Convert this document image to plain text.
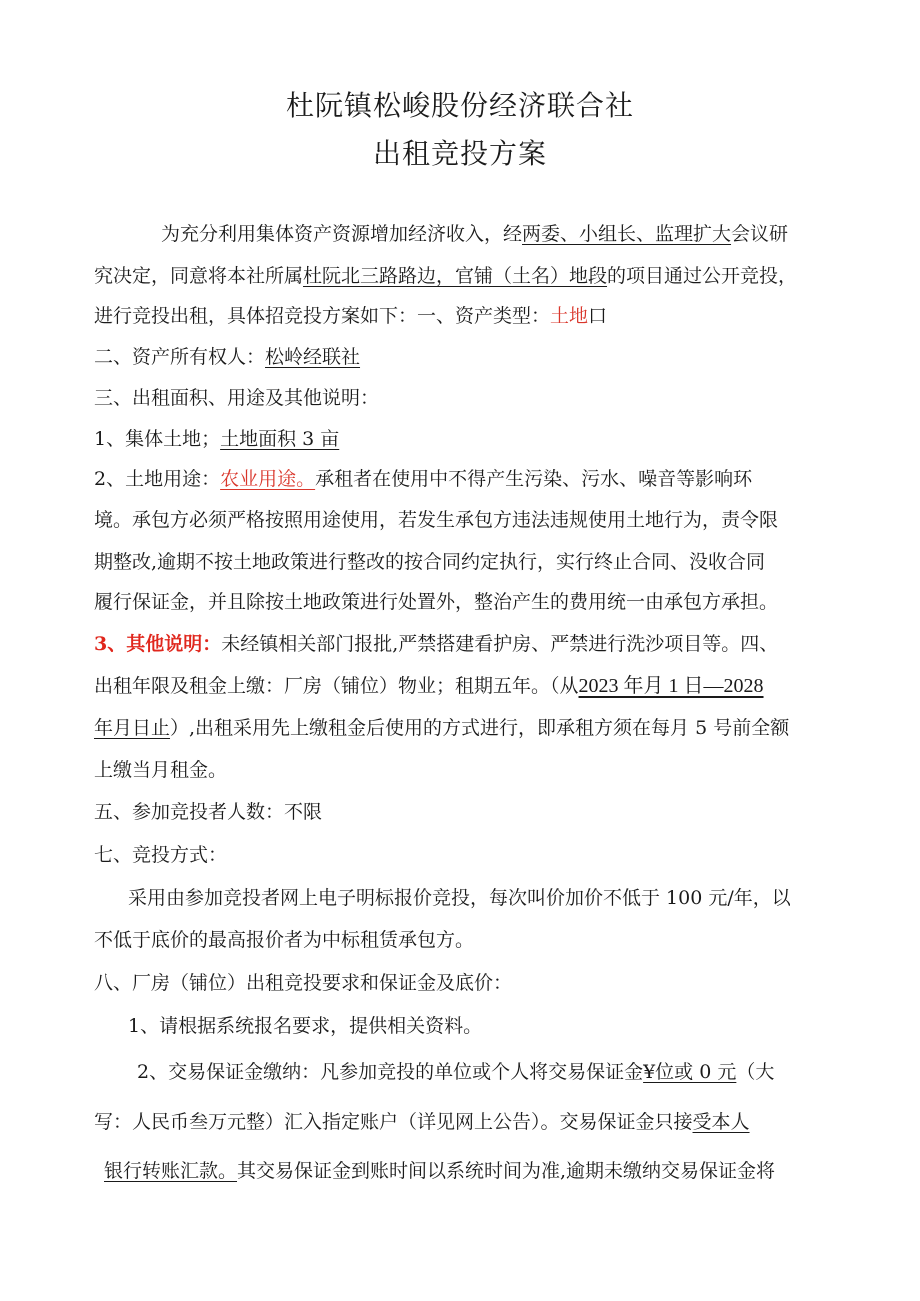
杜阮镇松峻股份经济联合社
出租竞投方案
为充分利用集体资产资源增加经济收入，经两委、小组长、监理扩大会议研
究决定，同意将本社所属杜阮北三路路边，官铺（土名）地段的项目通过公开竞投，
进行竞投出租，具体招竞投方案如下：一、资产类型：土地口
二、资产所有权人：松岭经联社
三、出租面积、用途及其他说明：
1、集体土地；土地面积 3 亩
2、土地用途：农业用途。承租者在使用中不得产生污染、污水、噪音等影响环
境。承包方必须严格按照用途使用，若发生承包方违法违规使用土地行为，责令限
期整改,逾期不按土地政策进行整改的按合同约定执行，实行终止合同、没收合同
履行保证金，并且除按土地政策进行处置外，整治产生的费用统一由承包方承担。
3、其他说明：未经镇相关部门报批,严禁搭建看护房、严禁进行洗沙项目等。四、
出租年限及租金上缴：厂房（铺位）物业；租期五年。（从2023 年月 1 日—2028
年月日止）,出租采用先上缴租金后使用的方式进行，即承租方须在每月 5 号前全额
上缴当月租金。
五、参加竞投者人数：不限
七、竞投方式：
采用由参加竞投者网上电子明标报价竞投，每次叫价加价不低于 100 元/年，以
不低于底价的最高报价者为中标租赁承包方。
八、厂房（铺位）出租竞投要求和保证金及底价：
1、请根据系统报名要求，提供相关资料。
2、交易保证金缴纳：凡参加竞投的单位或个人将交易保证金¥位或 0 元（大
写：人民币叁万元整）汇入指定账户（详见网上公告）。交易保证金只接受本人
银行转账汇款。其交易保证金到账时间以系统时间为准,逾期未缴纳交易保证金将
